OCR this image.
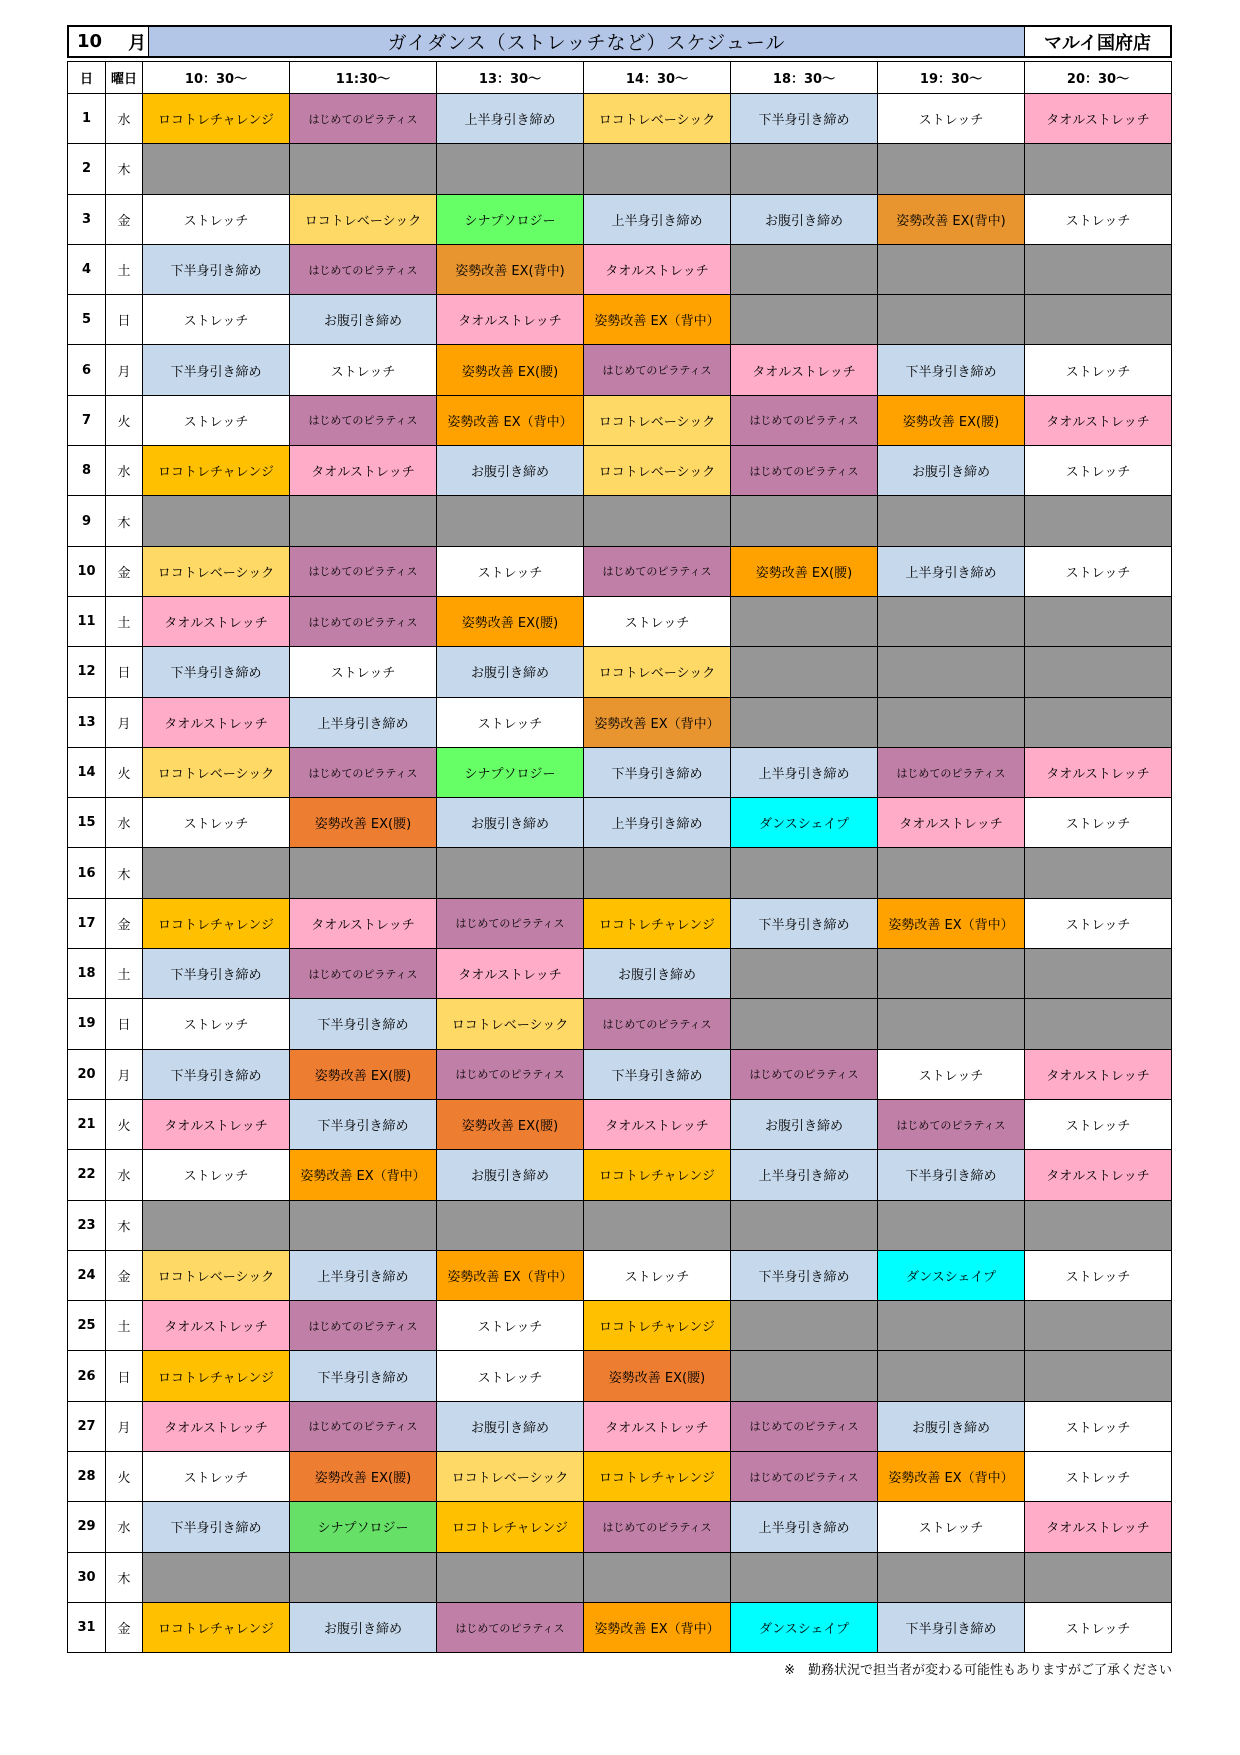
10 月	ガイダンス（ストレッチなど）スケジュール	マルイ国府店
日	曜日	10：30～	11:30～	13：30～	14：30～	18：30～	19：30～	20：30～
1	水	ロコトレチャレンジ	はじめてのピラティス	上半身引き締め	ロコトレベーシック	下半身引き締め	ストレッチ	タオルストレッチ
2	木							
3	金	ストレッチ	ロコトレベーシック	シナプソロジー	上半身引き締め	お腹引き締め	姿勢改善 EX(背中)	ストレッチ
4	土	下半身引き締め	はじめてのピラティス	姿勢改善 EX(背中)	タオルストレッチ			
5	日	ストレッチ	お腹引き締め	タオルストレッチ	姿勢改善 EX（背中）			
6	月	下半身引き締め	ストレッチ	姿勢改善 EX(腰)	はじめてのピラティス	タオルストレッチ	下半身引き締め	ストレッチ
7	火	ストレッチ	はじめてのピラティス	姿勢改善 EX（背中）	ロコトレベーシック	はじめてのピラティス	姿勢改善 EX(腰)	タオルストレッチ
8	水	ロコトレチャレンジ	タオルストレッチ	お腹引き締め	ロコトレベーシック	はじめてのピラティス	お腹引き締め	ストレッチ
9	木							
10	金	ロコトレベーシック	はじめてのピラティス	ストレッチ	はじめてのピラティス	姿勢改善 EX(腰)	上半身引き締め	ストレッチ
11	土	タオルストレッチ	はじめてのピラティス	姿勢改善 EX(腰)	ストレッチ			
12	日	下半身引き締め	ストレッチ	お腹引き締め	ロコトレベーシック			
13	月	タオルストレッチ	上半身引き締め	ストレッチ	姿勢改善 EX（背中）			
14	火	ロコトレベーシック	はじめてのピラティス	シナプソロジー	下半身引き締め	上半身引き締め	はじめてのピラティス	タオルストレッチ
15	水	ストレッチ	姿勢改善 EX(腰)	お腹引き締め	上半身引き締め	ダンスシェイプ	タオルストレッチ	ストレッチ
16	木							
17	金	ロコトレチャレンジ	タオルストレッチ	はじめてのピラティス	ロコトレチャレンジ	下半身引き締め	姿勢改善 EX（背中）	ストレッチ
18	土	下半身引き締め	はじめてのピラティス	タオルストレッチ	お腹引き締め			
19	日	ストレッチ	下半身引き締め	ロコトレベーシック	はじめてのピラティス			
20	月	下半身引き締め	姿勢改善 EX(腰)	はじめてのピラティス	下半身引き締め	はじめてのピラティス	ストレッチ	タオルストレッチ
21	火	タオルストレッチ	下半身引き締め	姿勢改善 EX(腰)	タオルストレッチ	お腹引き締め	はじめてのピラティス	ストレッチ
22	水	ストレッチ	姿勢改善 EX（背中）	お腹引き締め	ロコトレチャレンジ	上半身引き締め	下半身引き締め	タオルストレッチ
23	木							
24	金	ロコトレベーシック	上半身引き締め	姿勢改善 EX（背中）	ストレッチ	下半身引き締め	ダンスシェイプ	ストレッチ
25	土	タオルストレッチ	はじめてのピラティス	ストレッチ	ロコトレチャレンジ			
26	日	ロコトレチャレンジ	下半身引き締め	ストレッチ	姿勢改善 EX(腰)			
27	月	タオルストレッチ	はじめてのピラティス	お腹引き締め	タオルストレッチ	はじめてのピラティス	お腹引き締め	ストレッチ
28	火	ストレッチ	姿勢改善 EX(腰)	ロコトレベーシック	ロコトレチャレンジ	はじめてのピラティス	姿勢改善 EX（背中）	ストレッチ
29	水	下半身引き締め	シナプソロジー	ロコトレチャレンジ	はじめてのピラティス	上半身引き締め	ストレッチ	タオルストレッチ
30	木							
31	金	ロコトレチャレンジ	お腹引き締め	はじめてのピラティス	姿勢改善 EX（背中）	ダンスシェイプ	下半身引き締め	ストレッチ
※　勤務状況で担当者が変わる可能性もありますがご了承ください
